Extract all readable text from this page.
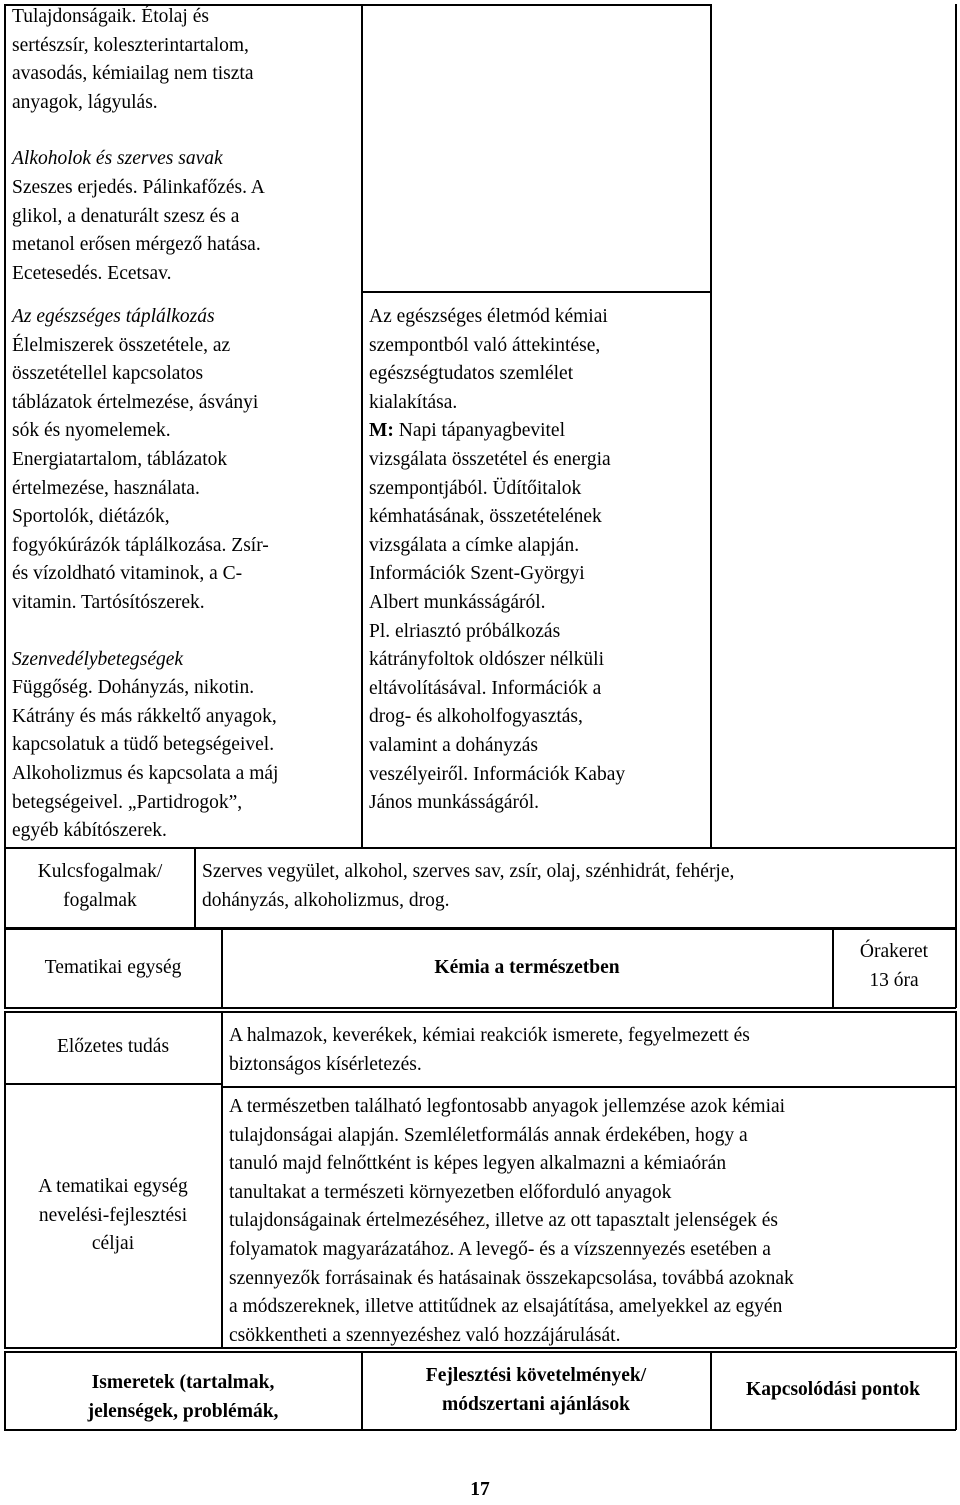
Tulajdonságaik. Étolaj és
sertészsír, koleszterintartalom,
avasodás, kémiailag nem tiszta
anyagok, lágyulás.

Alkoholok és szerves savak

Szeszes erjedés. Pálinkafőzés. A
glikol, a denaturált szesz és a
metanol erősen mérgező hatása.
Ecetesedés. Ecetsav.

Az egészséges táplálkozás

Élelmiszerek összetétele, az
összetétellel kapcsolatos
táblázatok értelmezése, ásványi
sók és nyomelemek.
Energiatartalom, táblázatok
értelmezése, használata.
Sportolók, diétázók,
fogyókúrázók táplálkozása. Zsír-
és vízoldható vitaminok, a C-
vitamin. Tartósítószerek.

Szenvedélybetegségek

Függőség. Dohányzás, nikotin.
Kátrány és más rákkeltő anyagok,
kapcsolatuk a tüdő betegségeivel.
Alkoholizmus és kapcsolata a máj
betegségeivel. „Partidrogok”,
egyéb kábítószerek.

Az egészséges életmód kémiai
szempontból való áttekintése,
egészségtudatos szemlélet
kialakítása.

M: Napi tápanyagbevitel
vizsgálata összetétel és energia
szempontjából. Üdítőitalok
kémhatásának, összetételének
vizsgálata a címke alapján.
Információk Szent-Györgyi
Albert munkásságáról.
Pl. elriasztó próbálkozás
kátrányfoltok oldószer nélküli
eltávolításával. Információk a
drog- és alkoholfogyasztás,
valamint a dohányzás
veszélyeiről. Információk Kabay
János munkásságáról.

Kulcsfogalmak/
fogalmak
Szerves vegyület, alkohol, szerves sav, zsír, olaj, szénhidrát, fehérje,
dohányzás, alkoholizmus, drog.
Tematikai egység	Kémia a természetben
Órakeret
13 óra
Előzetes tudás
A halmazok, keverékek, kémiai reakciók ismerete, fegyelmezett és
biztonságos kísérletezés.
A tematikai egység
nevelési-fejlesztési
céljai
A természetben található legfontosabb anyagok jellemzése azok kémiai
tulajdonságai alapján. Szemléletformálás annak érdekében, hogy a
tanuló majd felnőttként is képes legyen alkalmazni a kémiaórán
tanultakat a természeti környezetben előforduló anyagok
tulajdonságainak értelmezéséhez, illetve az ott tapasztalt jelenségek és
folyamatok magyarázatához. A levegő- és a vízszennyezés esetében a
szennyezők forrásainak és hatásainak összekapcsolása, továbbá azoknak
a módszereknek, illetve attitűdnek az elsajátítása, amelyekkel az egyén
csökkentheti a szennyezéshez való hozzájárulását.
Ismeretek (tartalmak,
jelenségek, problémák,
Fejlesztési követelmények/
módszertani ajánlások
Kapcsolódási pontok
17
